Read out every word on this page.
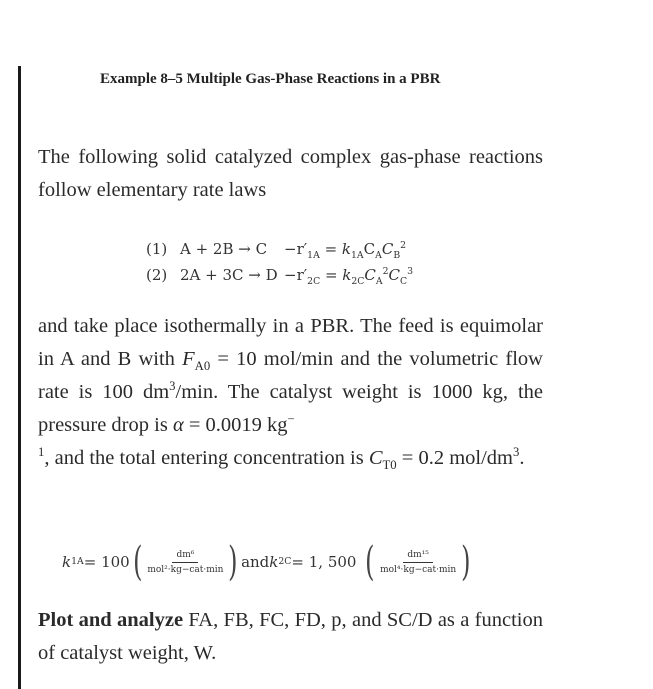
Example 8–5 Multiple Gas-Phase Reactions in a PBR
The following solid catalyzed complex gas-phase reactions follow elementary rate laws
(1) $A + 2B \to C -r'_{1A} = k_{1A}C_AC_B^2$
(2) $2A + 3C \to D -r'_{2C} = k_{2C}C_A^2C_C^3$
and take place isothermally in a PBR. The feed is equimolar in A and B with $F_{A0} = 10$ mol/min and the volumetric flow rate is 100 $dm^3/\min$. The catalyst weight is 1000 kg, the pressure drop is α = 0.0019 kg−
$^1$, and the total entering concentration is $C_{T0} = 0.2$ mol/$dm^3$.
k 1A = 100 ( $\frac{\text{dm⁶}}{\text{mol²·kg−cat·min}}$ ) and k 2C = 1, 500 ( $\frac{\text{dm¹⁵}}{\text{mol⁴·kg−cat·min}}$ )
Plot and analyze FA, FB, FC, FD, p, and SC/D as a function of catalyst weight, W.
